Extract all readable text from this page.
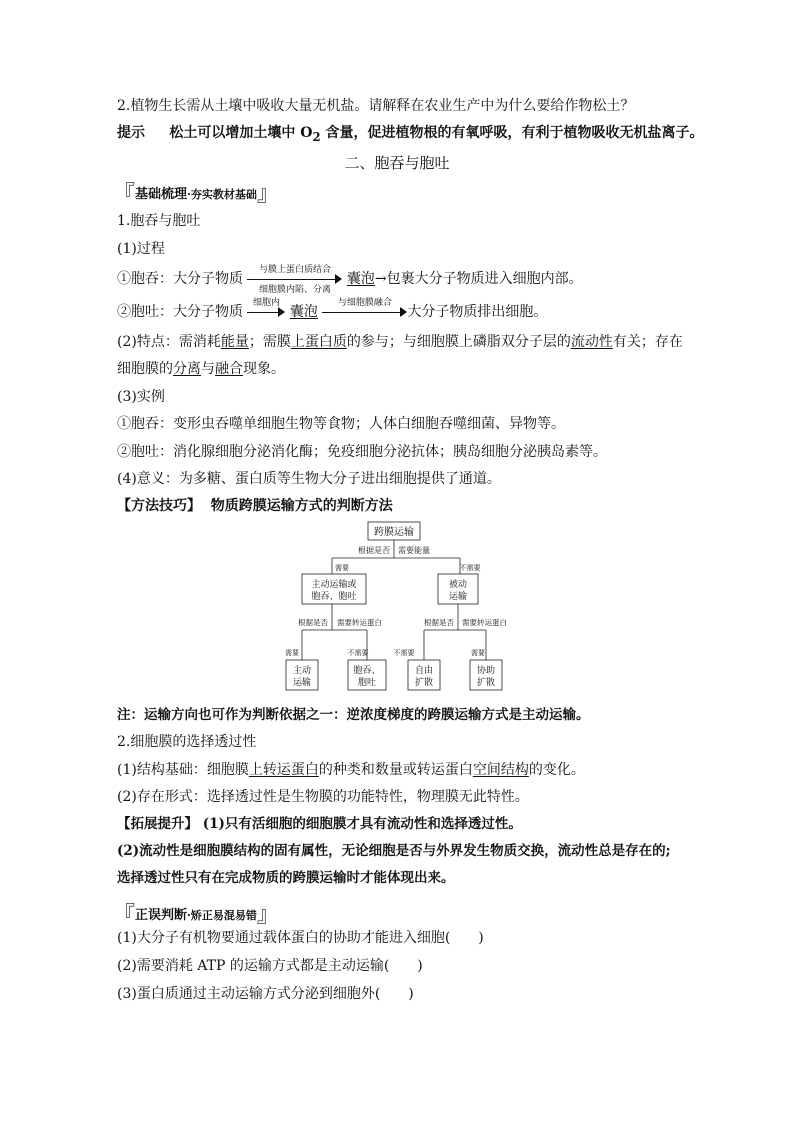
2.植物生长需从土壤中吸收大量无机盐。请解释在农业生产中为什么要给作物松土？
提示 松土可以增加土壤中 $O_2$ 含量，促进植物根的有氧呼吸，有利于植物吸收无机盐离子。
二、胞吞与胞吐
『基础梳理·夯实教材基础』
1.胞吞与胞吐
(1)过程
①胞吞：大分子物质
与膜上蛋白质结合
细胞膜内陷、分离
囊泡→包裹大分子物质进入细胞内部。
②胞吐：大分子物质
细胞内
囊泡
与细胞膜融合
大分子物质排出细胞。
(2)特点：需消耗能量；需膜上蛋白质的参与；与细胞膜上磷脂双分子层的流动性有关；存在
细胞膜的分离与融合现象。
(3)实例
①胞吞：变形虫吞噬单细胞生物等食物；人体白细胞吞噬细菌、异物等。
②胞吐：消化腺细胞分泌消化酶；免疫细胞分泌抗体；胰岛细胞分泌胰岛素等。
(4)意义：为多糖、蛋白质等生物大分子进出细胞提供了通道。
【方法技巧】 物质跨膜运输方式的判断方法
跨膜运输
根据是否 需要能量
需要	不需要
主动运输或
胞吞、胞吐
被动
运输
根据是否 需要转运蛋白	根据是否 需要转运蛋白
需要	不需要	不需要	需要
主动
运输
胞吞、
胞吐
自由
扩散
协助
扩散
注：运输方向也可作为判断依据之一：逆浓度梯度的跨膜运输方式是主动运输。
2.细胞膜的选择透过性
(1)结构基础：细胞膜上转运蛋白的种类和数量或转运蛋白空间结构的变化。
(2)存在形式：选择透过性是生物膜的功能特性，物理膜无此特性。
【拓展提升】 (1)只有活细胞的细胞膜才具有流动性和选择透过性。
(2)流动性是细胞膜结构的固有属性，无论细胞是否与外界发生物质交换，流动性总是存在的;
选择透过性只有在完成物质的跨膜运输时才能体现出来。
『正误判断·矫正易混易错』
(1)大分子有机物要通过载体蛋白的协助才能进入细胞(　　)
(2)需要消耗 ATP 的运输方式都是主动运输(　　)
(3)蛋白质通过主动运输方式分泌到细胞外(　　)
